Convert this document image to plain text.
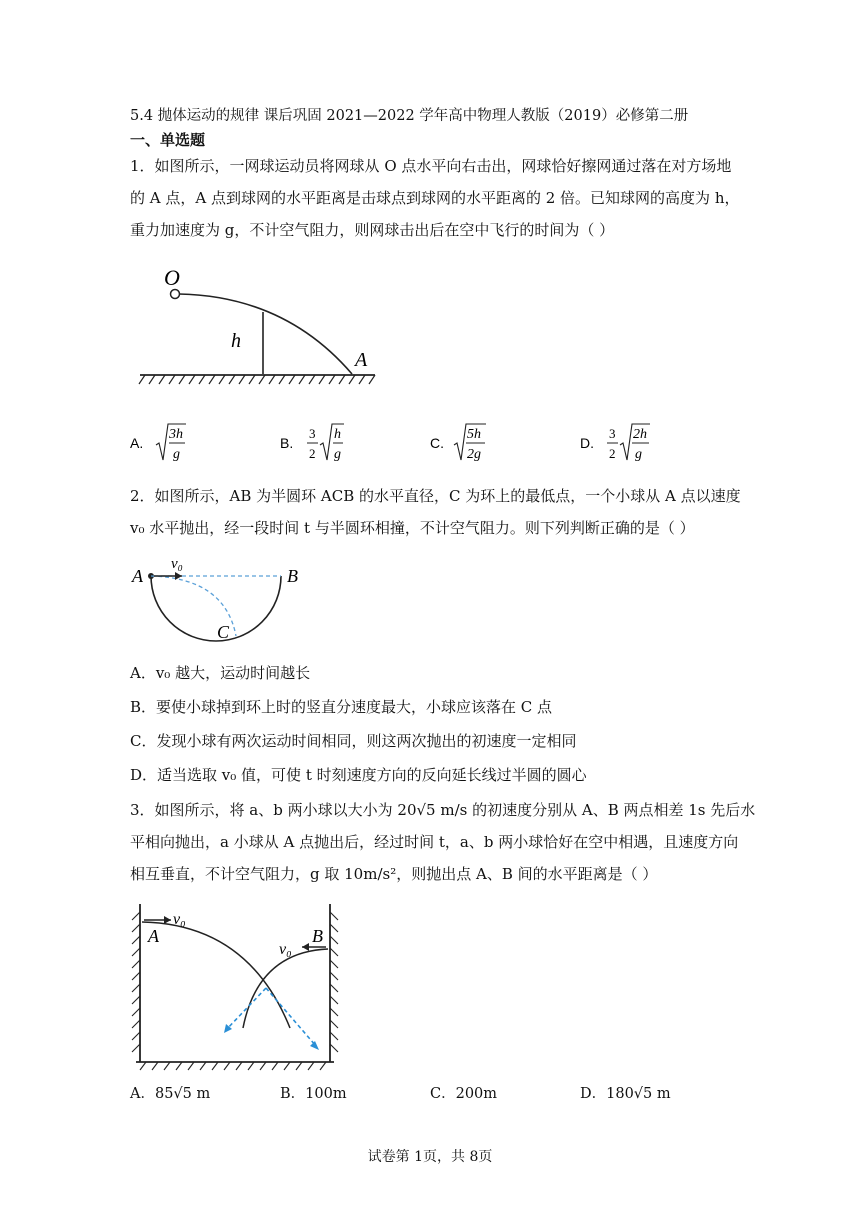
5.4 抛体运动的规律 课后巩固 2021—2022 学年高中物理人教版（2019）必修第二册
一、单选题
1．如图所示，一网球运动员将网球从 O 点水平向右击出，网球恰好擦网通过落在对方场地
的 A 点，A 点到球网的水平距离是击球点到球网的水平距离的 2 倍。已知球网的高度为 h，
重力加速度为 g，不计空气阻力，则网球击出后在空中飞行的时间为（ ）
O
h
A
A.
3h
g
B.
3
2
h
g
C.
5h
2g
D.
3
2
2h
g
2．如图所示，AB 为半圆环 ACB 的水平直径，C 为环上的最低点，一个小球从 A 点以速度
v₀ 水平抛出，经一段时间 t 与半圆环相撞，不计空气阻力。则下列判断正确的是（ ）
A	B
v₀
C
A．v₀ 越大，运动时间越长
B．要使小球掉到环上时的竖直分速度最大，小球应该落在 C 点
C．发现小球有两次运动时间相同，则这两次抛出的初速度一定相同
D．适当选取 v₀ 值，可使 t 时刻速度方向的反向延长线过半圆的圆心
3．如图所示，将 a、b 两小球以大小为 20√5 m/s 的初速度分别从 A、B 两点相差 1s 先后水
平相向抛出，a 小球从 A 点抛出后，经过时间 t，a、b 两小球恰好在空中相遇，且速度方向
相互垂直，不计空气阻力，g 取 10m/s²，则抛出点 A、B 间的水平距离是（ ）
v₀
A
v₀
B
A．85√5 m	B．100m	C．200m	D．180√5 m
试卷第 1页，共 8页
